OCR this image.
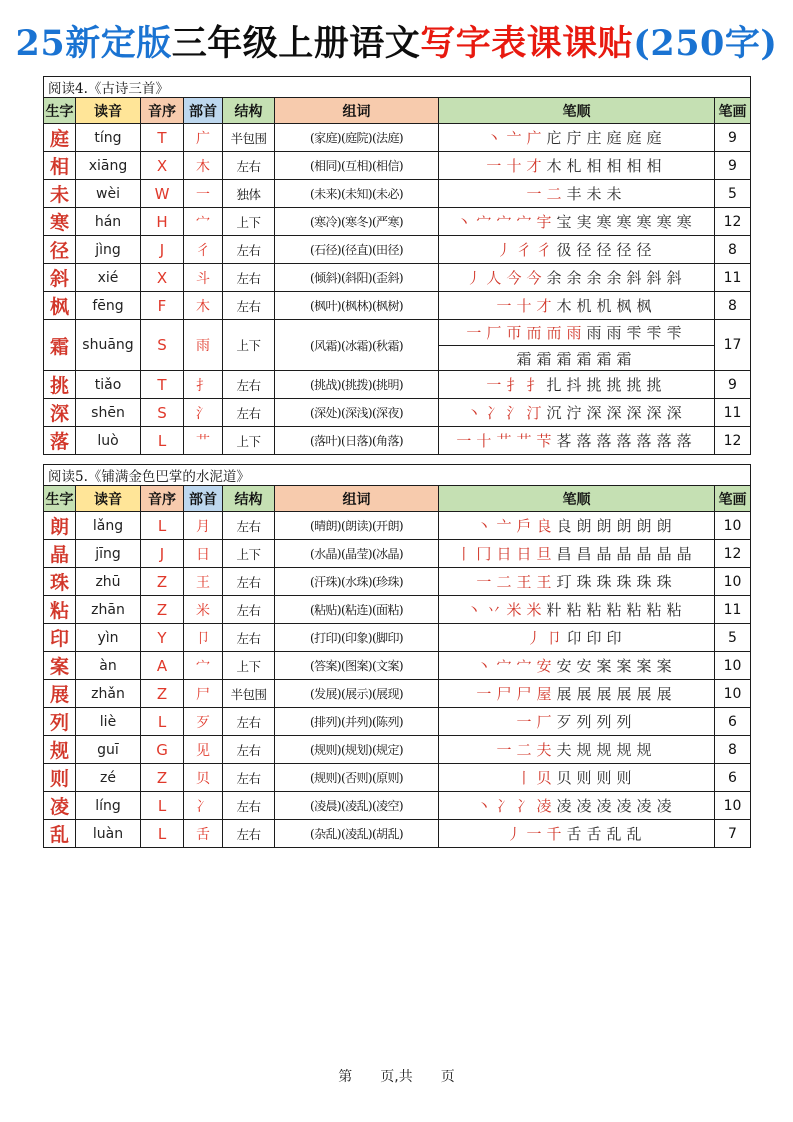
25新定版三年级上册语文写字表课课贴(250字)
阅读4.《古诗三首》							
生字	读音	音序	部首	结构	组词	笔顺	笔画
庭	tíng	T	广	半包围	(家庭)(庭院)(法庭)	丶 亠 广 庀 庁 庄 庭 庭 庭	9
相	xiāng	X	木	左右	(相同)(互相)(相信)	一 十 才 木 札 相 相 相 相	9
未	wèi	W	一	独体	(未来)(未知)(未必)	一 二 丰 未 未	5
寒	hán	H	宀	上下	(寒冷)(寒冬)(严寒)	丶 宀 宀 宀 宇 宝 実 寒 寒 寒 寒 寒	12
径	jìng	J	彳	左右	(石径)(径直)(田径)	丿 彳 彳 彶 径 径 径 径	8
斜	xié	X	斗	左右	(倾斜)(斜阳)(歪斜)	丿 人 今 今 余 余 余 余 斜 斜 斜	11
枫	fēng	F	木	左右	(枫叶)(枫林)(枫树)	一 十 才 木 机 机 枫 枫	8
霜	shuāng	S	雨	上下	(风霜)(冰霜)(秋霜)	一 厂 帀 而 而 雨 雨 雨 雫 雫 雫
霜 霜 霜 霜 霜 霜	17
挑	tiǎo	T	扌	左右	(挑战)(挑拨)(挑明)	一 扌 扌 扎 抖 挑 挑 挑 挑	9
深	shēn	S	氵	左右	(深处)(深浅)(深夜)	丶 冫 氵 汀 沉 泞 深 深 深 深 深	11
落	luò	L	艹	上下	(落叶)(日落)(角落)	一 十 艹 艹 芐 茖 落 落 落 落 落 落	12
阅读5.《铺满金色巴掌的水泥道》							
生字	读音	音序	部首	结构	组词	笔顺	笔画
朗	lǎng	L	月	左右	(晴朗)(朗读)(开朗)	丶 亠 戶 良 良 朗 朗 朗 朗 朗	10
晶	jīng	J	日	上下	(水晶)(晶莹)(冰晶)	丨 冂 日 日 旦 昌 昌 晶 晶 晶 晶 晶	12
珠	zhū	Z	王	左右	(汗珠)(水珠)(珍珠)	一 二 王 王 玎 珠 珠 珠 珠 珠	10
粘	zhān	Z	米	左右	(粘贴)(粘连)(面粘)	丶 丷 米 米 籵 粘 粘 粘 粘 粘 粘	11
印	yìn	Y	卩	左右	(打印)(印象)(脚印)	丿 卩 卬 印 印	5
案	àn	A	宀	上下	(答案)(图案)(文案)	丶 宀 宀 安 安 安 案 案 案 案	10
展	zhǎn	Z	尸	半包围	(发展)(展示)(展现)	一 尸 尸 屋 展 展 展 展 展 展	10
列	liè	L	歹	左右	(排列)(并列)(陈列)	一 厂 歹 列 列 列	6
规	guī	G	见	左右	(规则)(规划)(规定)	一 二 夫 夫 规 规 规 规	8
则	zé	Z	贝	左右	(规则)(否则)(原则)	丨 贝 贝 则 则 则	6
凌	líng	L	冫	左右	(凌晨)(凌乱)(凌空)	丶 冫 冫 凌 凌 凌 凌 凌 凌 凌	10
乱	luàn	L	舌	左右	(杂乱)(凌乱)(胡乱)	丿 一 千 舌 舌 乱 乱	7
第　　页,共　　页
